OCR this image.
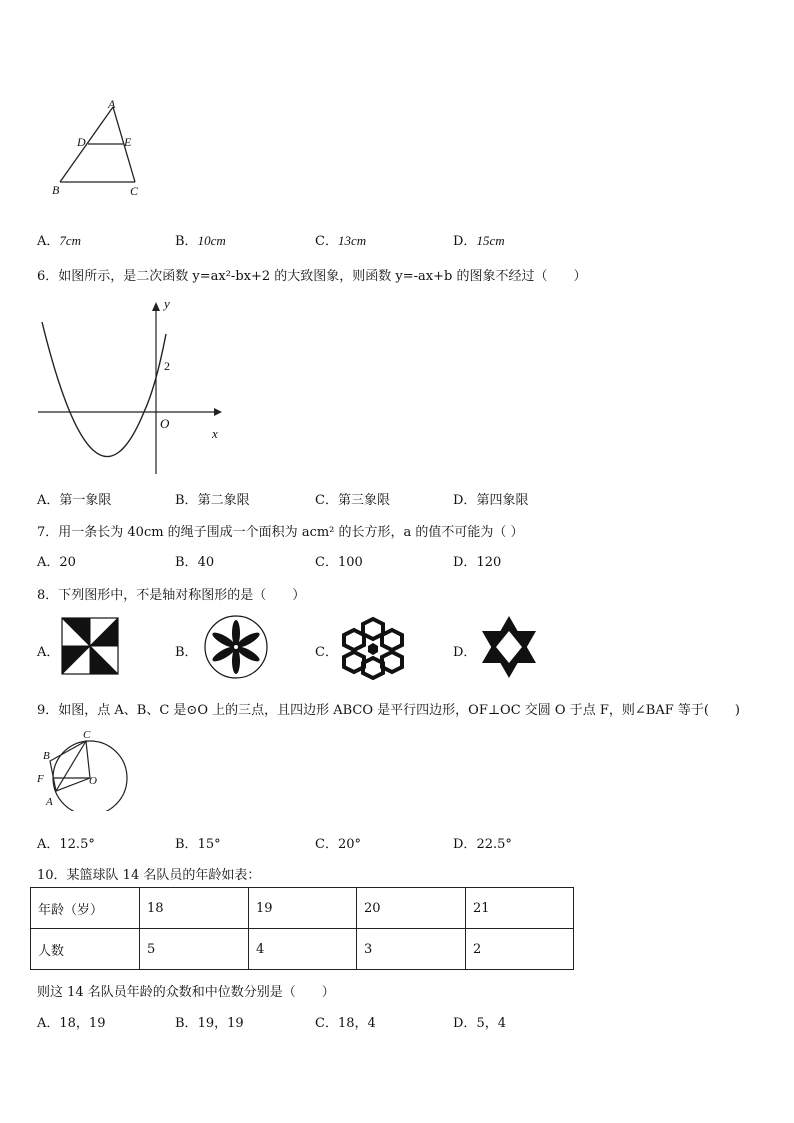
A
D	E
B	C
A．7cm	B．10cm	C．13cm	D．15cm
6．如图所示，是二次函数 y=ax²-bx+2 的大致图象，则函数 y=-ax+b 的图象不经过（　　）
y
2
O
x
A．第一象限	B．第二象限	C．第三象限	D．第四象限
7．用一条长为 40cm 的绳子围成一个面积为 acm² 的长方形，a 的值不可能为（ ）
A．20	B．40	C．100	D．120
8．下列图形中，不是轴对称图形的是（　　）
A．	B．	C．	D．
9．如图，点 A、B、C 是⊙O 上的三点，且四边形 ABCO 是平行四边形，OF⊥OC 交圆 O 于点 F，则∠BAF 等于(　　)
C
B
F	O
A
A．12.5°	B．15°	C．20°	D．22.5°
10．某篮球队 14 名队员的年龄如表：
年龄（岁）	18	19	20	21
人数	5	4	3	2
则这 14 名队员年龄的众数和中位数分别是（　　）
A．18，19	B．19，19	C．18，4	D．5，4
